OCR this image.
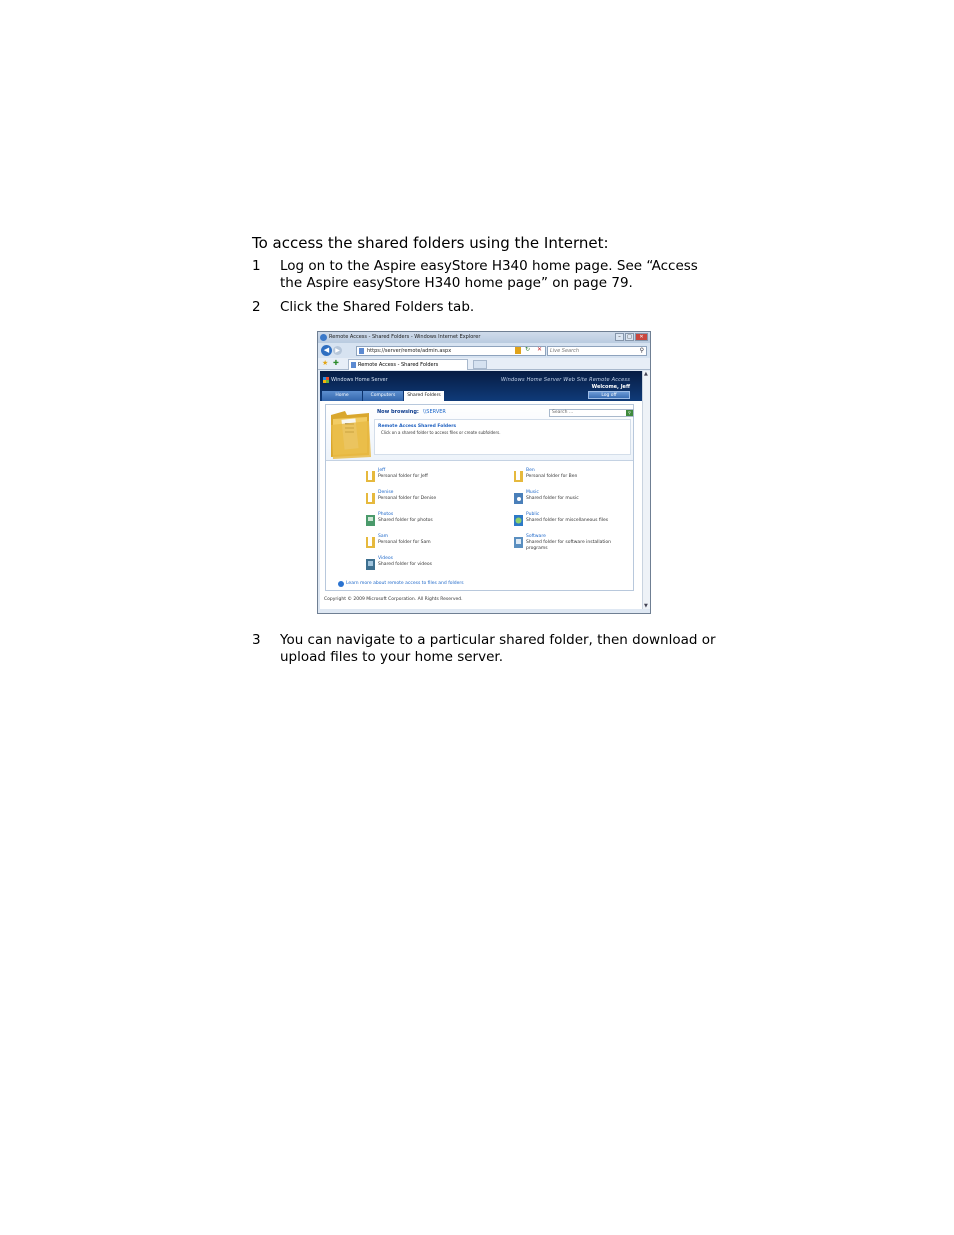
To access the shared folders using the Internet:
1 Log on to the Aspire easyStore H340 home page. See “Access the Aspire easyStore H340 home page” on page 79.
2 Click the Shared Folders tab.
Remote Access - Shared Folders - Windows Internet Explorer	–	□	✕
◀	▶	https://server/remote/admin.aspx	↻ ✕	Live Search	⚲
★ ✚	Remote Access - Shared Folders
Windows Home Server	Windows Home Server Web Site Remote Access
Welcome, Jeff
Home	Computers	Shared Folders	Log off
Now browsing: \\SERVER	Search ...	⚲
Remote Access Shared Folders
Click on a shared folder to access files or create subfolders.
Jeff
Personal folder for Jeff
Ben
Personal folder for Ben
Denise
Personal folder for Denise
Music
Shared folder for music
Photos
Shared folder for photos
Public
Shared folder for miscellaneous files
Sam
Personal folder for Sam
Software
Shared folder for software installation programs
Videos
Shared folder for videos
Learn more about remote access to files and folders
Copyright © 2009 Microsoft Corporation. All Rights Reserved.
▲
▼
3 You can navigate to a particular shared folder, then download or upload files to your home server.
